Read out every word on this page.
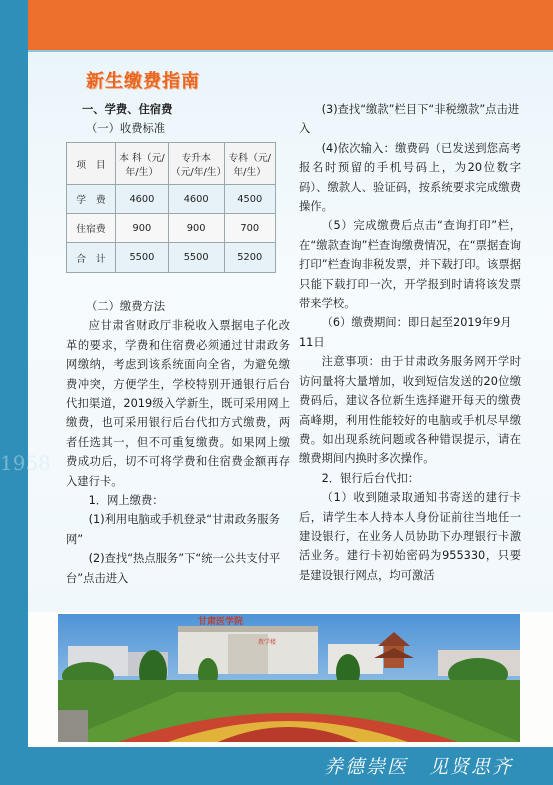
1958
新生缴费指南

一、学费、住宿费

（一）收费标准

项　目	本 科（元/年/生）	专升本（元/年/生）	专科（元/年/生）
学　费	4600	4600	4500
住宿费	900	900	700
合　计	5500	5500	5200

（二）缴费方法

应甘肃省财政厅非税收入票据电子化改革的要求，学费和住宿费必须通过甘肃政务网缴纳，考虑到该系统面向全省，为避免缴费冲突，方便学生，学校特别开通银行后台代扣渠道，2019级入学新生，既可采用网上缴费，也可采用银行后台代扣方式缴费，两者任选其一，但不可重复缴费。如果网上缴费成功后，切不可将学费和住宿费金额再存入建行卡。

1．网上缴费：

(1)利用电脑或手机登录“甘肃政务服务网”

(2)查找“热点服务”下“统一公共支付平台”点击进入

(3)查找“缴款”栏目下“非税缴款”点击进入

(4)依次输入：缴费码（已发送到您高考报名时预留的手机号码上，为20位数字码）、缴款人、验证码，按系统要求完成缴费操作。

（5）完成缴费后点击“查询打印”栏，在“缴款查询”栏查询缴费情况，在“票据查询打印”栏查询非税发票，并下载打印。该票据只能下载打印一次，开学报到时请将该发票带来学校。

（6）缴费期间：即日起至2019年9月11日

注意事项：由于甘肃政务服务网开学时访问量将大量增加，收到短信发送的20位缴费码后，建议各位新生选择避开每天的缴费高峰期，利用性能较好的电脑或手机尽早缴费。如出现系统问题或各种错误提示，请在缴费期间内换时多次操作。

2．银行后台代扣：

（1）收到随录取通知书寄送的建行卡后，请学生本人持本人身份证前往当地任一建设银行，在业务人员协助下办理银行卡激活业务。建行卡初始密码为955330，只要是建设银行网点，均可激活

甘肃医学院
教学楼
养德崇医　见贤思齐
